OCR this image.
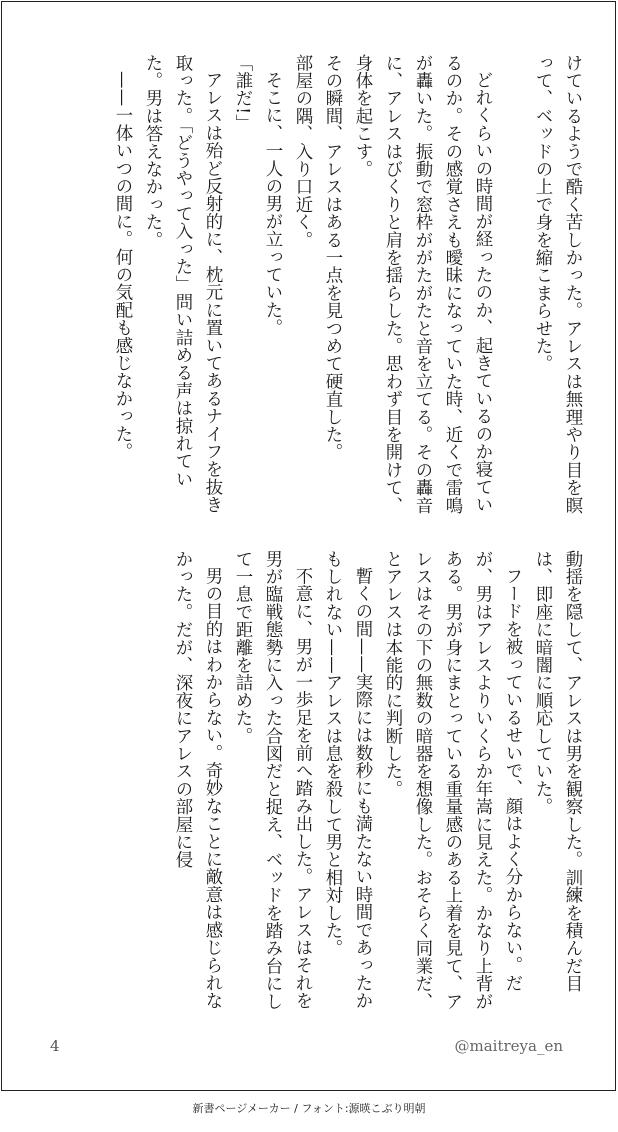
けているようで酷く苦しかった。アレスは無理やり目を瞑って、ベッドの上で身を縮こまらせた。

どれくらいの時間が経ったのか、起きているのか寝ているのか。その感覚さえも曖昧になっていた時、近くで雷鳴が轟いた。振動で窓枠ががたがたと音を立てる。その轟音に、アレスはびくりと肩を揺らした。思わず目を開けて、身体を起こす。

その瞬間、アレスはある一点を見つめて硬直した。

部屋の隅、入り口近く。

そこに、一人の男が立っていた。

「誰だ!」

アレスは殆ど反射的に、枕元に置いてあるナイフを抜き取った。「どうやって入った」問い詰める声は掠れていた。男は答えなかった。

——一体いつの間に。何の気配も感じなかった。

動揺を隠して、アレスは男を観察した。訓練を積んだ目は、即座に暗闇に順応していた。

フードを被っているせいで、顔はよく分からない。だが、男はアレスよりいくらか年嵩に見えた。かなり上背がある。男が身にまとっている重量感のある上着を見て、アレスはその下の無数の暗器を想像した。おそらく同業だ、とアレスは本能的に判断した。

暫くの間——実際には数秒にも満たない時間であったかもしれない——アレスは息を殺して男と相対した。

不意に、男が一歩足を前へ踏み出した。アレスはそれを男が臨戦態勢に入った合図だと捉え、ベッドを踏み台にして一息で距離を詰めた。

男の目的はわからない。奇妙なことに敵意は感じられなかった。だが、深夜にアレスの部屋に侵

4	@maitreya_en
新書ページメーカー / フォント:源暎こぶり明朝
